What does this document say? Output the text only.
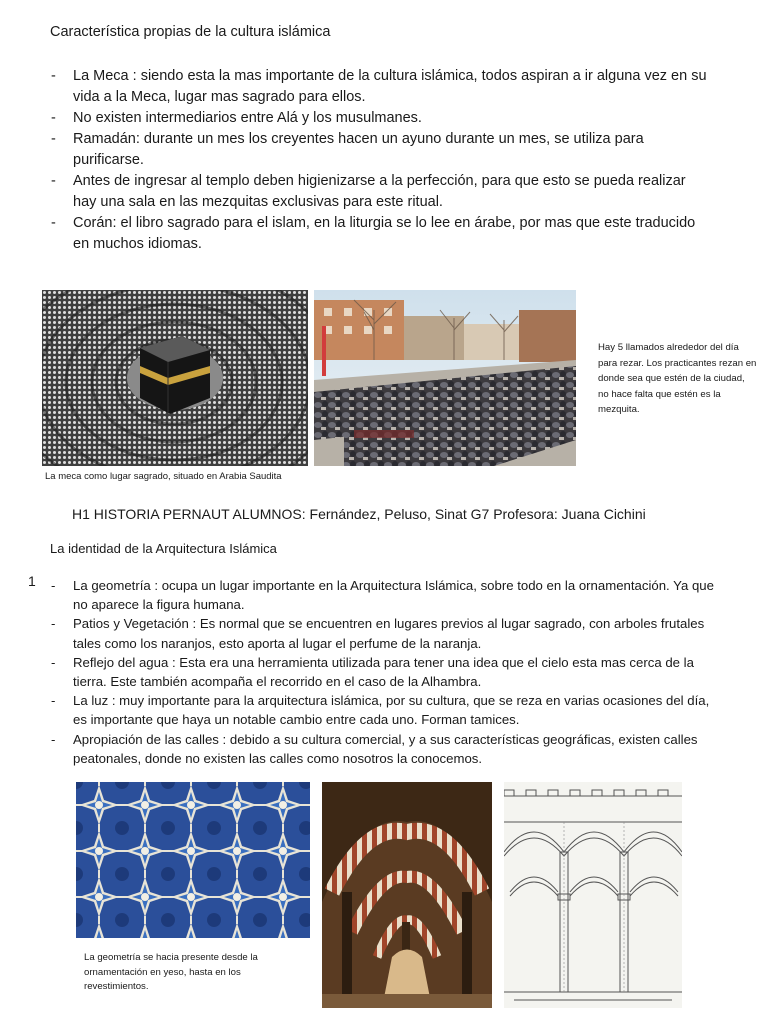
Característica propias de la cultura islámica
- La Meca : siendo esta la mas importante de la cultura islámica, todos aspiran a ir alguna vez en su vida a la Meca, lugar mas sagrado para ellos.
- No existen intermediarios entre Alá y los musulmanes.
- Ramadán: durante un mes los creyentes hacen un ayuno durante un mes, se utiliza para purificarse.
- Antes de ingresar al templo deben higienizarse a la perfección, para que esto se pueda realizar hay una sala en las mezquitas exclusivas para este ritual.
- Corán: el libro sagrado para el islam, en la liturgia se lo lee en árabe, por mas que este traducido en muchos idiomas.
La meca como lugar sagrado, situado en Arabia Saudita
Hay 5 llamados alrededor del día para rezar. Los practicantes rezan en donde sea que estén de la ciudad, no hace falta que estén es la mezquita.
H1 HISTORIA PERNAUT ALUMNOS: Fernández, Peluso, Sinat G7 Profesora: Juana Cichini
La identidad de la Arquitectura Islámica
1
-	La geometría : ocupa un lugar importante en la Arquitectura Islámica, sobre todo en la ornamentación. Ya que no aparece la figura humana.
- Patios y Vegetación : Es normal que se encuentren en lugares previos al lugar sagrado, con arboles frutales tales como los naranjos, esto aporta al lugar el perfume de la naranja.
- Reflejo del agua : Esta era una herramienta utilizada para tener una idea que el cielo esta mas cerca de la tierra. Este también acompaña el recorrido en el caso de la Alhambra.
- La luz : muy importante para la arquitectura islámica, por su cultura, que se reza en varias ocasiones del día, es importante que haya un notable cambio entre cada uno. Forman tamices.
- Apropiación de las calles : debido a su cultura comercial, y a sus características geográficas, existen calles peatonales, donde no existen las calles como nosotros la conocemos.
La geometría se hacia presente desde la ornamentación en yeso, hasta en los revestimientos.
